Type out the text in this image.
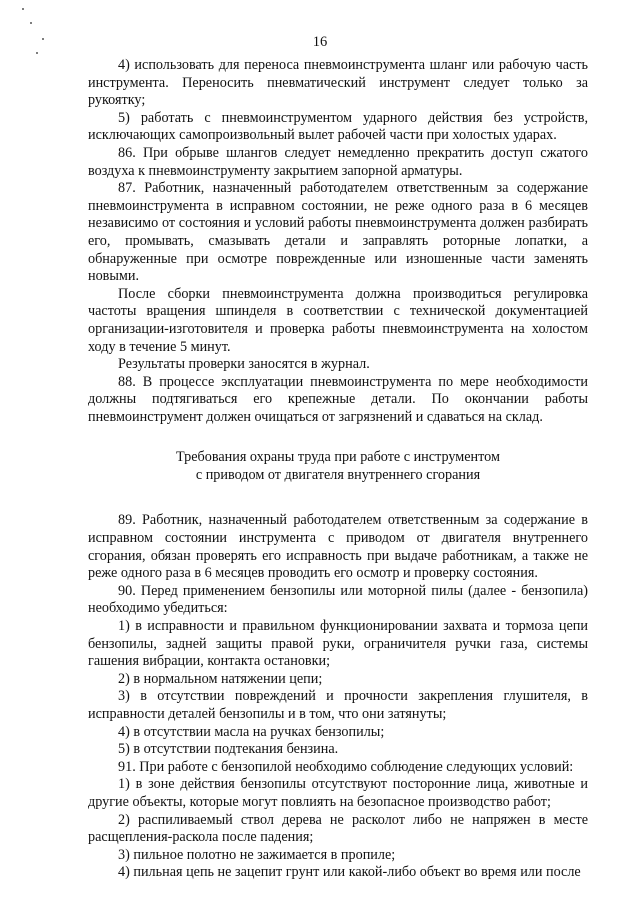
16

4) использовать для переноса пневмоинструмента шланг или рабочую часть инструмента. Переносить пневматический инструмент следует только за рукоятку;

5) работать с пневмоинструментом ударного действия без устройств, исключающих самопроизвольный вылет рабочей части при холостых ударах.

86. При обрыве шлангов следует немедленно прекратить доступ сжатого воздуха к пневмоинструменту закрытием запорной арматуры.

87. Работник, назначенный работодателем ответственным за содержание пневмоинструмента в исправном состоянии, не реже одного раза в 6 месяцев независимо от состояния и условий работы пневмоинструмента должен разбирать его, промывать, смазывать детали и заправлять роторные лопатки, а обнаруженные при осмотре поврежденные или изношенные части заменять новыми.

После сборки пневмоинструмента должна производиться регулировка частоты вращения шпинделя в соответствии с технической документацией организации-изготовителя и проверка работы пневмоинструмента на холостом ходу в течение 5 минут.

Результаты проверки заносятся в журнал.

88. В процессе эксплуатации пневмоинструмента по мере необходимости должны подтягиваться его крепежные детали. По окончании работы пневмоинструмент должен очищаться от загрязнений и сдаваться на склад.

Требования охраны труда при работе с инструментом
с приводом от двигателя внутреннего сгорания

89. Работник, назначенный работодателем ответственным за содержание в исправном состоянии инструмента с приводом от двигателя внутреннего сгорания, обязан проверять его исправность при выдаче работникам, а также не реже одного раза в 6 месяцев проводить его осмотр и проверку состояния.

90. Перед применением бензопилы или моторной пилы (далее - бензопила) необходимо убедиться:

1) в исправности и правильном функционировании захвата и тормоза цепи бензопилы, задней защиты правой руки, ограничителя ручки газа, системы гашения вибрации, контакта остановки;

2) в нормальном натяжении цепи;

3) в отсутствии повреждений и прочности закрепления глушителя, в исправности деталей бензопилы и в том, что они затянуты;

4) в отсутствии масла на ручках бензопилы;

5) в отсутствии подтекания бензина.

91. При работе с бензопилой необходимо соблюдение следующих условий:

1) в зоне действия бензопилы отсутствуют посторонние лица, животные и другие объекты, которые могут повлиять на безопасное производство работ;

2) распиливаемый ствол дерева не расколот либо не напряжен в месте расщепления-раскола после падения;

3) пильное полотно не зажимается в пропиле;

4) пильная цепь не зацепит грунт или какой-либо объект во время или после
